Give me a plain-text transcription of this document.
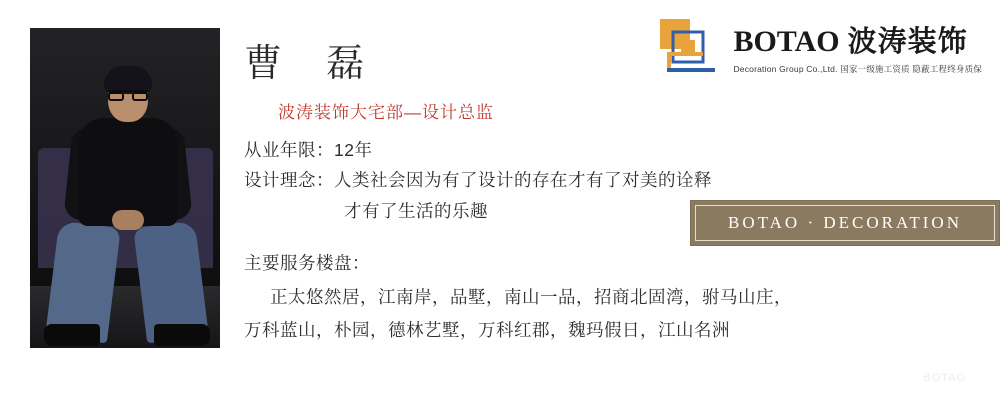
曹 磊
波涛装饰大宅部—设计总监

从业年限：12年

设计理念：人类社会因为有了设计的存在才有了对美的诠释

才有了生活的乐趣

主要服务楼盘：

正太悠然居，江南岸，品墅，南山一品，招商北固湾，驸马山庄，

万科蓝山，朴园，德林艺墅，万科红郡，魏玛假日，江山名洲

BOTAO 波涛装饰
Decoration Group Co.,Ltd. 国家一级施工资质 隐蔽工程终身质保
BOTAO · DECORATION
BOTAO
